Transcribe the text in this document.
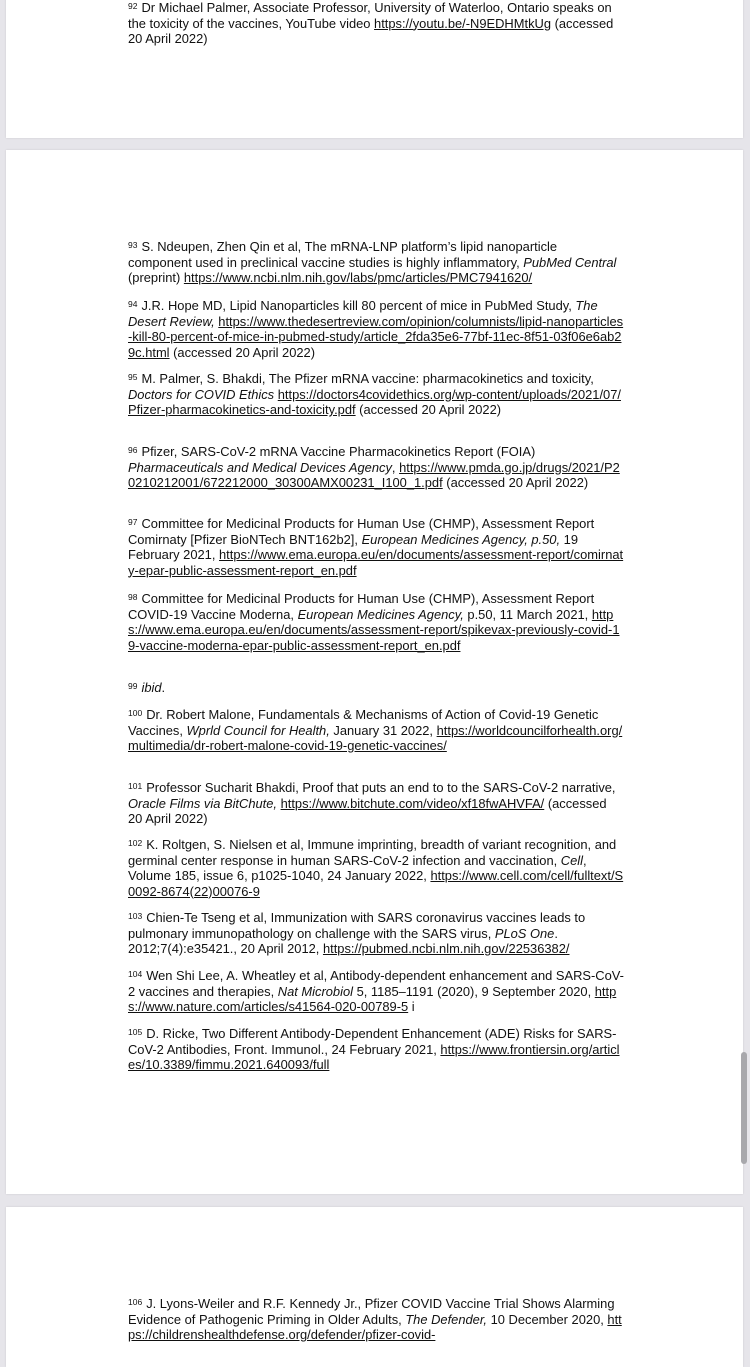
$^{92}$ Dr Michael Palmer, Associate Professor, University of Waterloo, Ontario speaks on the toxicity of the vaccines, YouTube video https://youtu.be/-N9EDHMtkUg (accessed 20 April 2022)

$^{93}$ S. Ndeupen, Zhen Qin et al, The mRNA-LNP platform’s lipid nanoparticle component used in preclinical vaccine studies is highly inflammatory, PubMed Central (preprint) https://www.ncbi.nlm.nih.gov/labs/pmc/articles/PMC7941620/

$^{94}$ J.R. Hope MD, Lipid Nanoparticles kill 80 percent of mice in PubMed Study, The Desert Review, https://www.thedesertreview.com/opinion/columnists/lipid-nanoparticles-kill-80-percent-of-mice-in-pubmed-study/article_2fda35e6-77bf-11ec-8f51-03f06e6ab29c.html (accessed 20 April 2022)

$^{95}$ M. Palmer, S. Bhakdi, The Pfizer mRNA vaccine: pharmacokinetics and toxicity, Doctors for COVID Ethics https://doctors4covidethics.org/wp-content/uploads/2021/07/Pfizer-pharmacokinetics-and-toxicity.pdf (accessed 20 April 2022)

$^{96}$ Pfizer, SARS-CoV-2 mRNA Vaccine Pharmacokinetics Report (FOIA) Pharmaceuticals and Medical Devices Agency, https://www.pmda.go.jp/drugs/2021/P20210212001/672212000_30300AMX00231_I100_1.pdf (accessed 20 April 2022)

$^{97}$ Committee for Medicinal Products for Human Use (CHMP), Assessment Report Comirnaty [Pfizer BioNTech BNT162b2], European Medicines Agency, p.50, 19 February 2021, https://www.ema.europa.eu/en/documents/assessment-report/comirnaty-epar-public-assessment-report_en.pdf

$^{98}$ Committee for Medicinal Products for Human Use (CHMP), Assessment Report COVID-19 Vaccine Moderna, European Medicines Agency, p.50, 11 March 2021, https://www.ema.europa.eu/en/documents/assessment-report/spikevax-previously-covid-19-vaccine-moderna-epar-public-assessment-report_en.pdf

$^{99}$ ibid.

$^{100}$ Dr. Robert Malone, Fundamentals & Mechanisms of Action of Covid-19 Genetic Vaccines, Wprld Council for Health, January 31 2022, https://worldcouncilforhealth.org/multimedia/dr-robert-malone-covid-19-genetic-vaccines/

$^{101}$ Professor Sucharit Bhakdi, Proof that puts an end to to the SARS-CoV-2 narrative, Oracle Films via BitChute, https://www.bitchute.com/video/xf18fwAHVFA/ (accessed 20 April 2022)

$^{102}$ K. Roltgen, S. Nielsen et al, Immune imprinting, breadth of variant recognition, and germinal center response in human SARS-CoV-2 infection and vaccination, Cell, Volume 185, issue 6, p1025-1040, 24 January 2022, https://www.cell.com/cell/fulltext/S0092-8674(22)00076-9

$^{103}$ Chien-Te Tseng et al, Immunization with SARS coronavirus vaccines leads to pulmonary immunopathology on challenge with the SARS virus, PLoS One. 2012;7(4):e35421., 20 April 2012, https://pubmed.ncbi.nlm.nih.gov/22536382/

$^{104}$ Wen Shi Lee, A. Wheatley et al, Antibody-dependent enhancement and SARS-CoV-2 vaccines and therapies, Nat Microbiol 5, 1185–1191 (2020), 9 September 2020, https://www.nature.com/articles/s41564-020-00789-5 i

$^{105}$ D. Ricke, Two Different Antibody-Dependent Enhancement (ADE) Risks for SARS-CoV-2 Antibodies, Front. Immunol., 24 February 2021, https://www.frontiersin.org/articles/10.3389/fimmu.2021.640093/full

$^{106}$ J. Lyons-Weiler and R.F. Kennedy Jr., Pfizer COVID Vaccine Trial Shows Alarming Evidence of Pathogenic Priming in Older Adults, The Defender, 10 December 2020, https://childrenshealthdefense.org/defender/pfizer-covid-
